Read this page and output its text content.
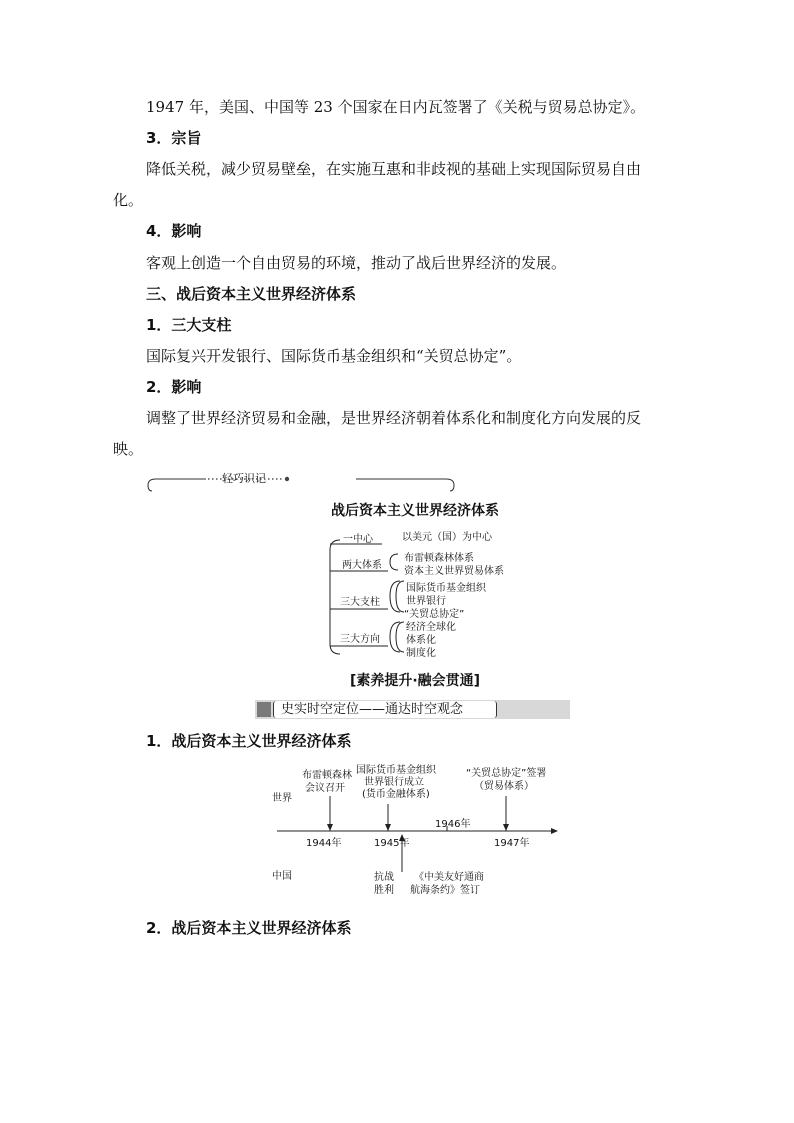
1947 年，美国、中国等 23 个国家在日内瓦签署了《关税与贸易总协定》。
3．宗旨
降低关税，减少贸易壁垒，在实施互惠和非歧视的基础上实现国际贸易自由
化。
4．影响
客观上创造一个自由贸易的环境，推动了战后世界经济的发展。
三、战后资本主义世界经济体系
1．三大支柱
国际复兴开发银行、国际货币基金组织和“关贸总协定”。
2．影响
调整了世界经济贸易和金融，是世界经济朝着体系化和制度化方向发展的反
映。
轻巧识记
战后资本主义世界经济体系
一中心	以美元（国）为中心
两大体系
布雷顿森林体系
资本主义世界贸易体系
三大支柱
国际货币基金组织
世界银行
“关贸总协定”
三大方向
经济全球化
体系化
制度化
[素养提升·融会贯通]
史实时空定位——通达时空观念
1．战后资本主义世界经济体系
世界
中国
1944年	1945年
1946年
1947年
布雷顿森林
会议召开
国际货币基金组织
世界银行成立
(货币金融体系)
“关贸总协定”签署
（贸易体系）
抗战
胜利
《中美友好通商
航海条约》签订
2．战后资本主义世界经济体系
